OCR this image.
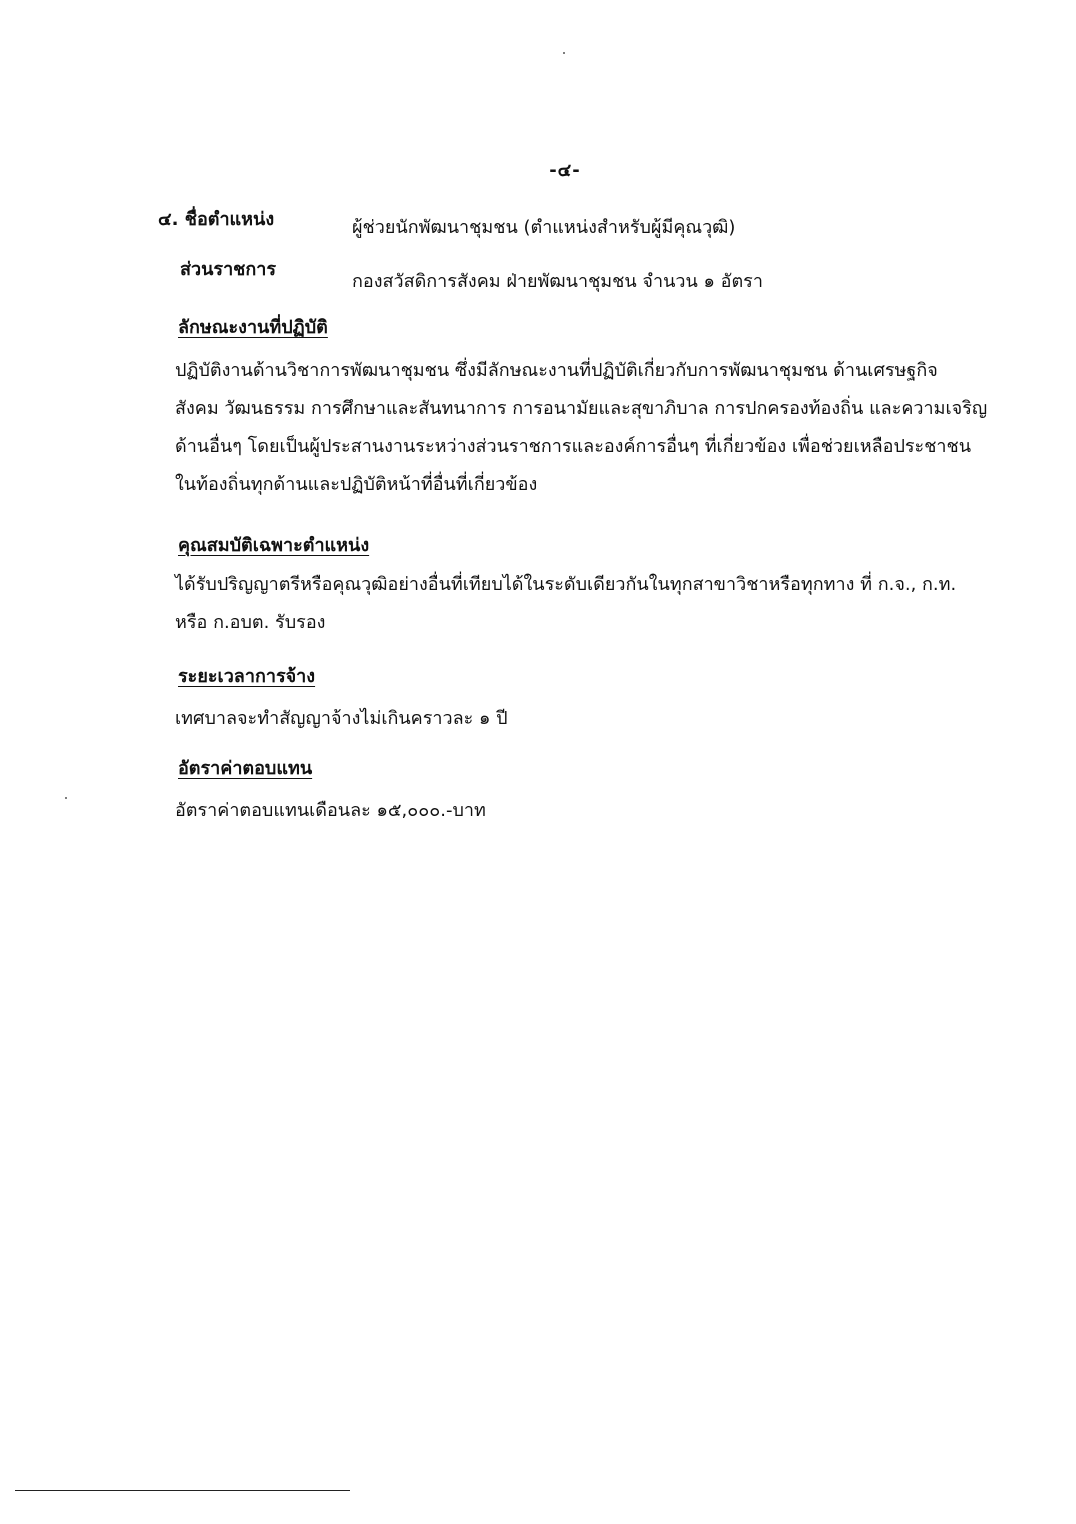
-๔-
๔. ชื่อตำแหน่ง	ผู้ช่วยนักพัฒนาชุมชน (ตำแหน่งสำหรับผู้มีคุณวุฒิ)
ส่วนราชการ
กองสวัสดิการสังคม ฝ่ายพัฒนาชุมชน จำนวน ๑ อัตรา
ลักษณะงานที่ปฏิบัติ
ปฏิบัติงานด้านวิชาการพัฒนาชุมชน ซึ่งมีลักษณะงานที่ปฏิบัติเกี่ยวกับการพัฒนาชุมชน ด้านเศรษฐกิจ
สังคม วัฒนธรรม การศึกษาและสันทนาการ การอนามัยและสุขาภิบาล การปกครองท้องถิ่น และความเจริญ
ด้านอื่นๆ โดยเป็นผู้ประสานงานระหว่างส่วนราชการและองค์การอื่นๆ ที่เกี่ยวข้อง เพื่อช่วยเหลือประชาชน
ในท้องถิ่นทุกด้านและปฏิบัติหน้าที่อื่นที่เกี่ยวข้อง
คุณสมบัติเฉพาะตำแหน่ง
ได้รับปริญญาตรีหรือคุณวุฒิอย่างอื่นที่เทียบได้ในระดับเดียวกันในทุกสาขาวิชาหรือทุกทาง ที่ ก.จ., ก.ท.
หรือ ก.อบต. รับรอง
ระยะเวลาการจ้าง
เทศบาลจะทำสัญญาจ้างไม่เกินคราวละ ๑ ปี
อัตราค่าตอบแทน
อัตราค่าตอบแทนเดือนละ ๑๕,๐๐๐.-บาท
